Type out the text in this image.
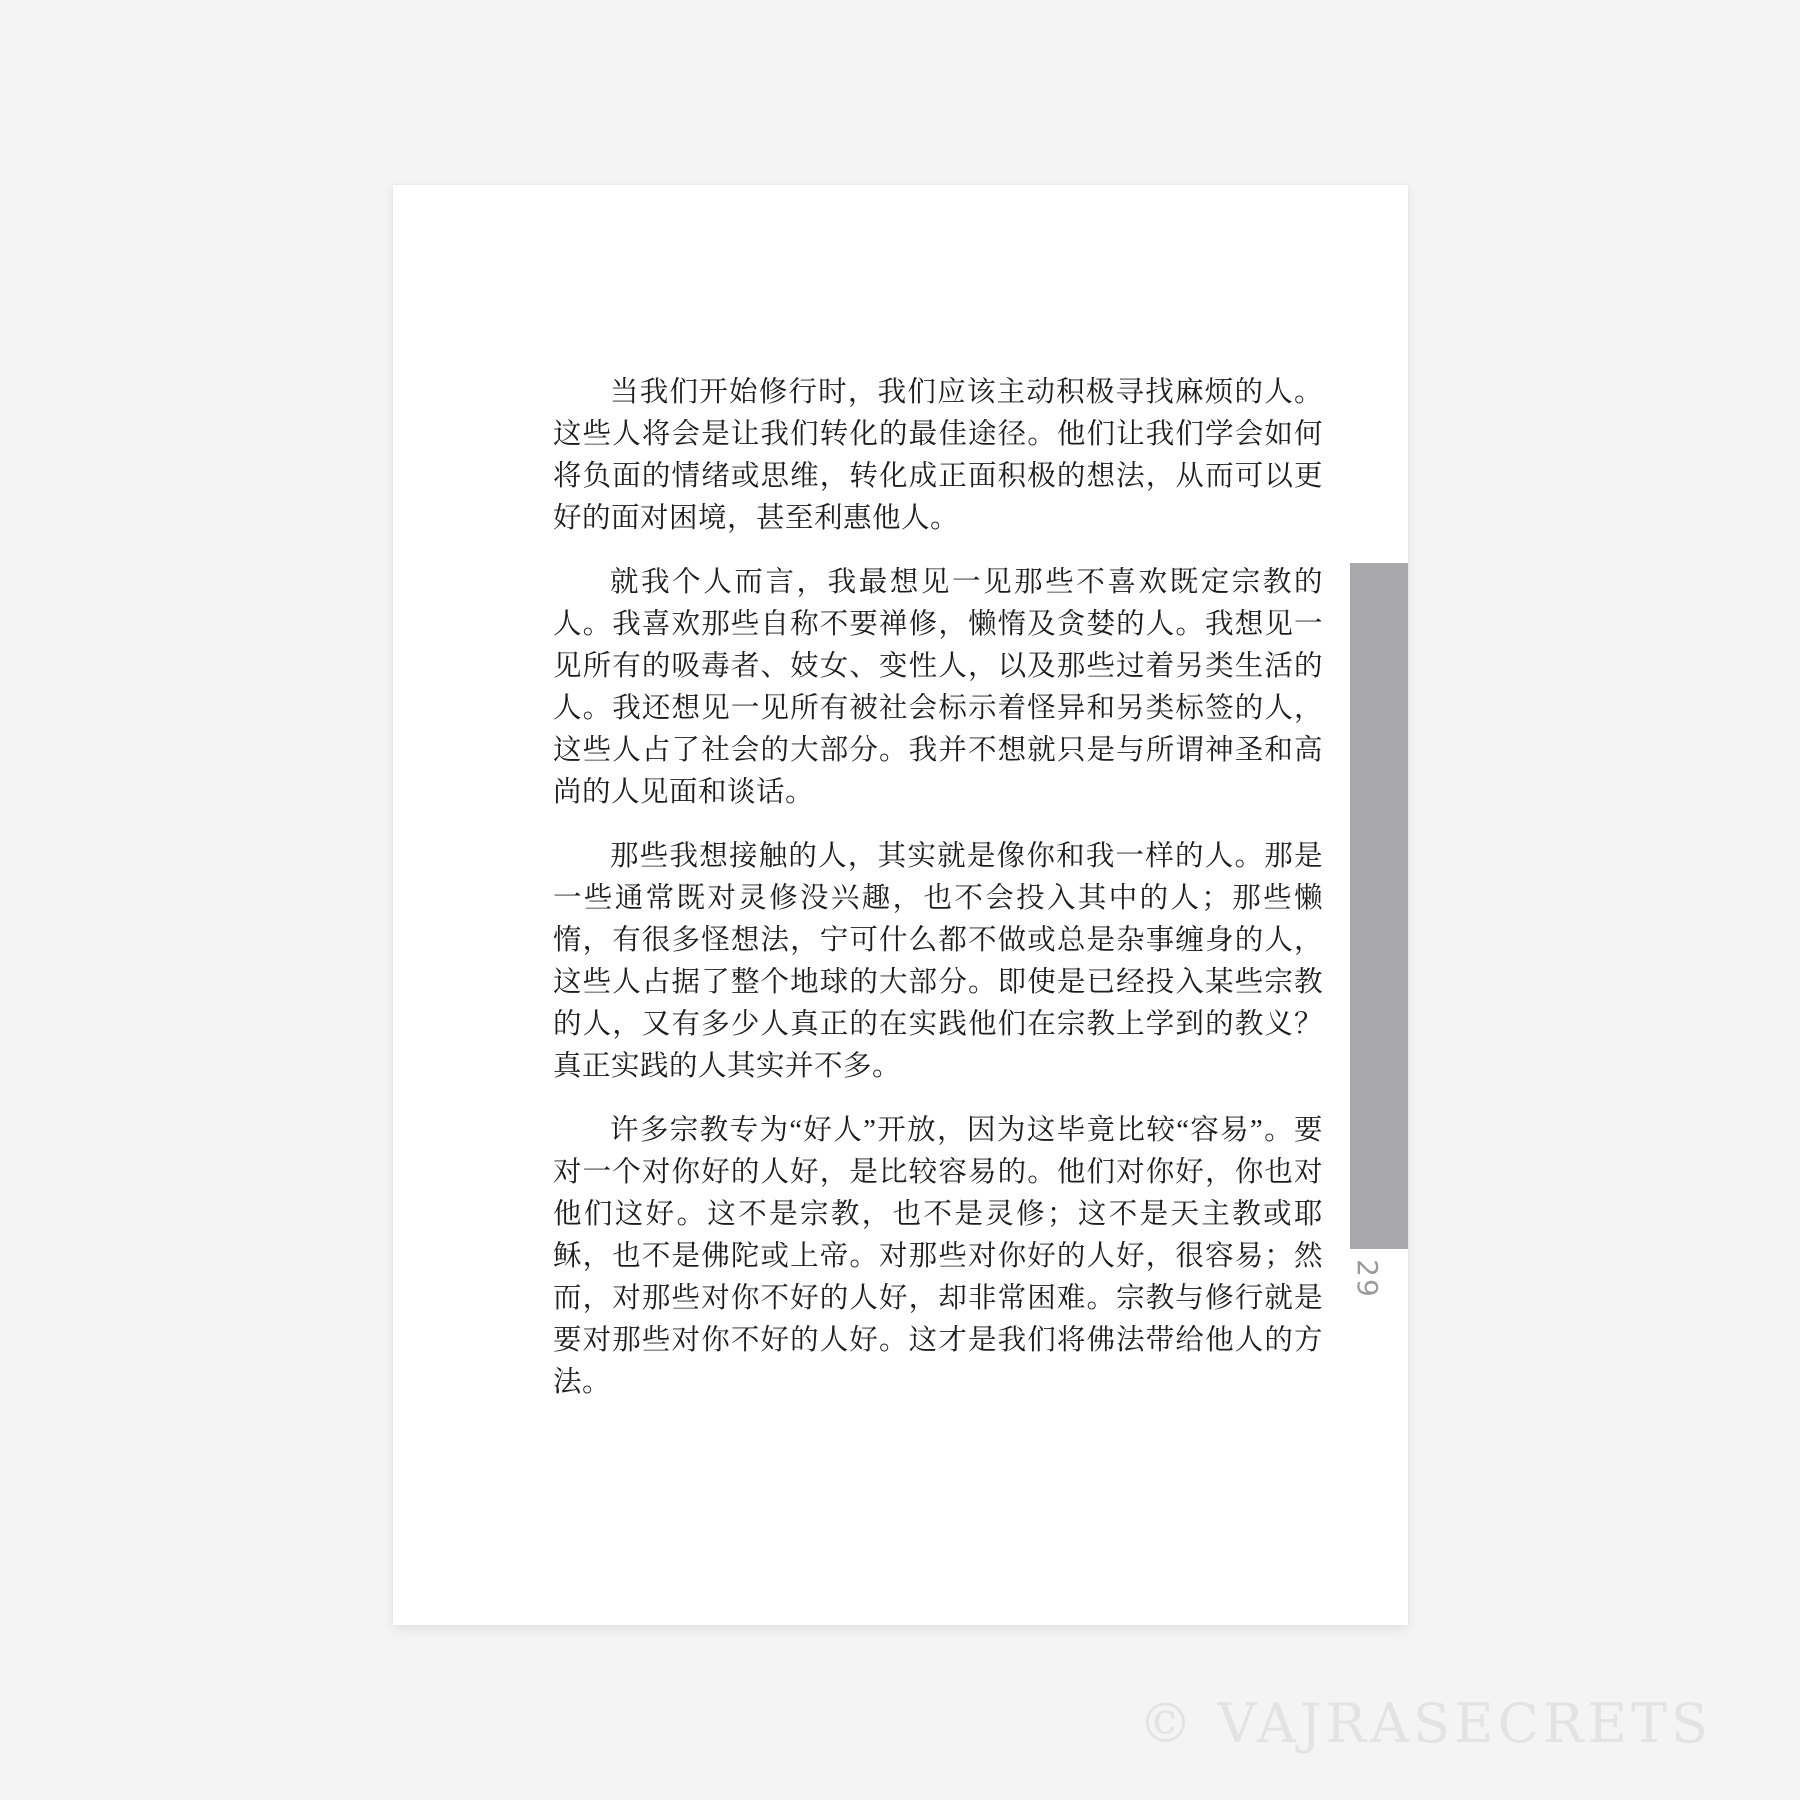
当我们开始修行时，我们应该主动积极寻找麻烦的人。这些人将会是让我们转化的最佳途径。他们让我们学会如何将负面的情绪或思维，转化成正面积极的想法，从而可以更好的面对困境，甚至利惠他人。

就我个人而言，我最想见一见那些不喜欢既定宗教的人。我喜欢那些自称不要禅修，懒惰及贪婪的人。我想见一见所有的吸毒者、妓女、变性人，以及那些过着另类生活的人。我还想见一见所有被社会标示着怪异和另类标签的人，这些人占了社会的大部分。我并不想就只是与所谓神圣和高尚的人见面和谈话。

那些我想接触的人，其实就是像你和我一样的人。那是一些通常既对灵修没兴趣，也不会投入其中的人；那些懒惰，有很多怪想法，宁可什么都不做或总是杂事缠身的人，这些人占据了整个地球的大部分。即使是已经投入某些宗教的人，又有多少人真正的在实践他们在宗教上学到的教义？真正实践的人其实并不多。

许多宗教专为“好人”开放，因为这毕竟比较“容易”。要对一个对你好的人好，是比较容易的。他们对你好，你也对他们这好。这不是宗教，也不是灵修；这不是天主教或耶稣，也不是佛陀或上帝。对那些对你好的人好，很容易；然而，对那些对你不好的人好，却非常困难。宗教与修行就是要对那些对你不好的人好。这才是我们将佛法带给他人的方法。

29
© VAJRASECRETS
